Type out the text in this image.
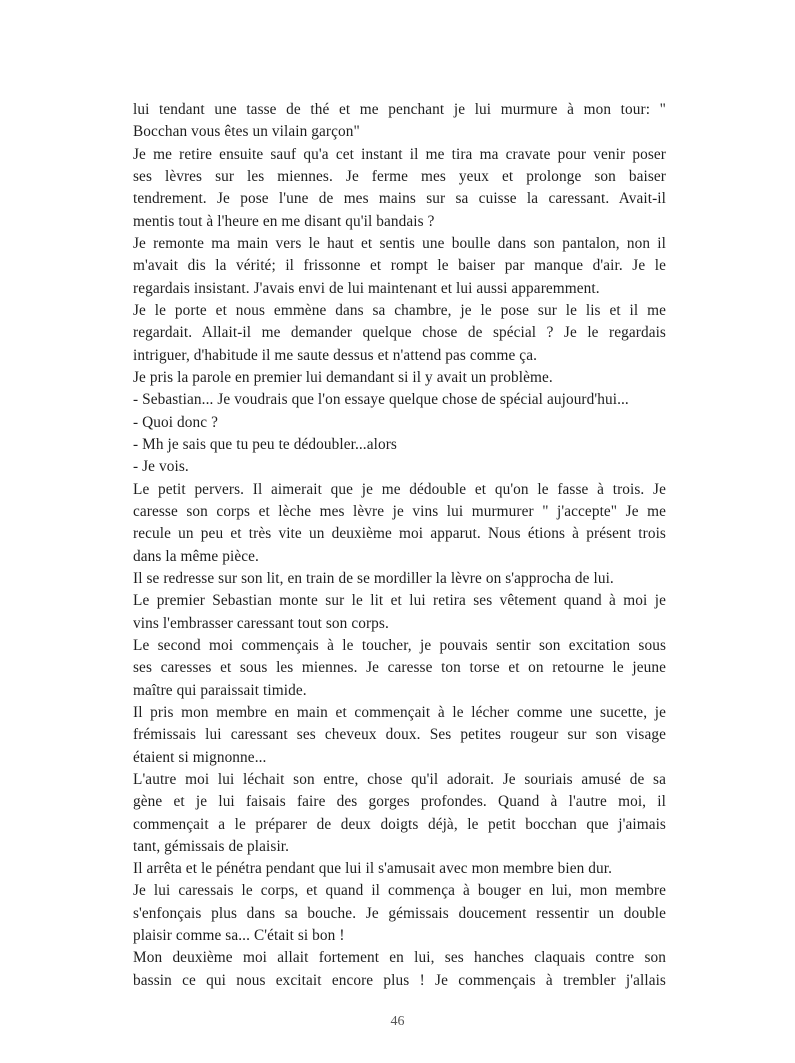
lui tendant une tasse de thé et me penchant je lui murmure à mon tour: "
Bocchan vous êtes un vilain garçon"
Je me retire ensuite sauf qu'a cet instant il me tira ma cravate pour venir poser
ses lèvres sur les miennes. Je ferme mes yeux et prolonge son baiser
tendrement. Je pose l'une de mes mains sur sa cuisse la caressant. Avait-il
mentis tout à l'heure en me disant qu'il bandais ?
Je remonte ma main vers le haut et sentis une boulle dans son pantalon, non il
m'avait dis la vérité; il frissonne et rompt le baiser par manque d'air. Je le
regardais insistant. J'avais envi de lui maintenant et lui aussi apparemment.
Je le porte et nous emmène dans sa chambre, je le pose sur le lis et il me
regardait. Allait-il me demander quelque chose de spécial ? Je le regardais
intriguer, d'habitude il me saute dessus et n'attend pas comme ça.
Je pris la parole en premier lui demandant si il y avait un problème.
- Sebastian... Je voudrais que l'on essaye quelque chose de spécial aujourd'hui...
- Quoi donc ?
- Mh je sais que tu peu te dédoubler...alors
- Je vois.
Le petit pervers. Il aimerait que je me dédouble et qu'on le fasse à trois. Je
caresse son corps et lèche mes lèvre je vins lui murmurer " j'accepte" Je me
recule un peu et très vite un deuxième moi apparut. Nous étions à présent trois
dans la même pièce.
Il se redresse sur son lit, en train de se mordiller la lèvre on s'approcha de lui.
Le premier Sebastian monte sur le lit et lui retira ses vêtement quand à moi je
vins l'embrasser caressant tout son corps.
Le second moi commençais à le toucher, je pouvais sentir son excitation sous
ses caresses et sous les miennes. Je caresse ton torse et on retourne le jeune
maître qui paraissait timide.
Il pris mon membre en main et commençait à le lécher comme une sucette, je
frémissais lui caressant ses cheveux doux. Ses petites rougeur sur son visage
étaient si mignonne...
L'autre moi lui léchait son entre, chose qu'il adorait. Je souriais amusé de sa
gène et je lui faisais faire des gorges profondes. Quand à l'autre moi, il
commençait a le préparer de deux doigts déjà, le petit bocchan que j'aimais
tant, gémissais de plaisir.
Il arrêta et le pénétra pendant que lui il s'amusait avec mon membre bien dur.
Je lui caressais le corps, et quand il commença à bouger en lui, mon membre
s'enfonçais plus dans sa bouche. Je gémissais doucement ressentir un double
plaisir comme sa... C'était si bon !
Mon deuxième moi allait fortement en lui, ses hanches claquais contre son
bassin ce qui nous excitait encore plus ! Je commençais à trembler j'allais
46
